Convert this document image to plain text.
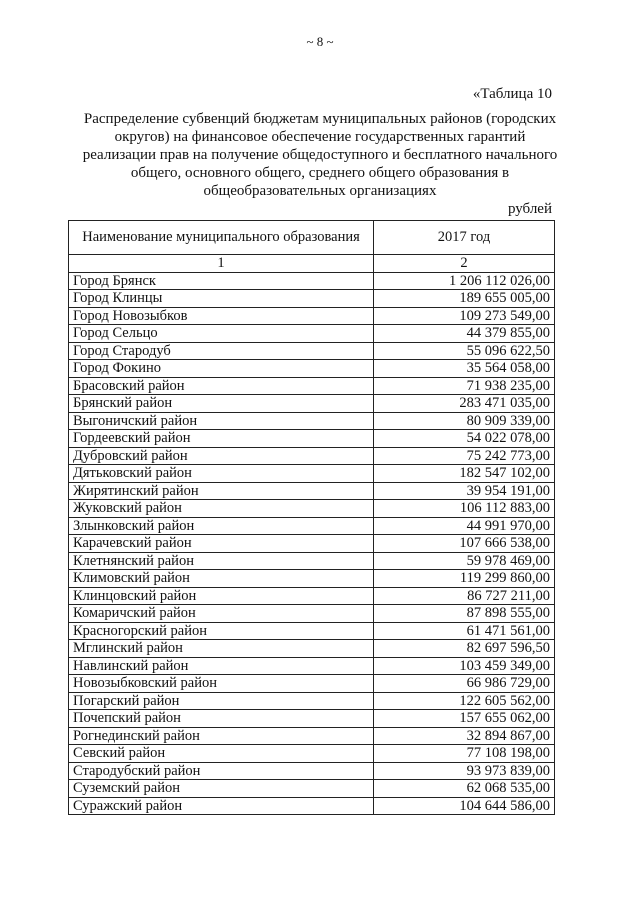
~ 8 ~
«Таблица 10
Распределение субвенций бюджетам муниципальных районов (городских
округов) на финансовое обеспечение государственных гарантий
реализации прав на получение общедоступного и бесплатного начального
общего, основного общего, среднего общего образования в
общеобразовательных организациях
рублей
Наименование муниципального образования	2017 год
1	2
Город Брянск	1 206 112 026,00
Город Клинцы	189 655 005,00
Город Новозыбков	109 273 549,00
Город Сельцо	44 379 855,00
Город Стародуб	55 096 622,50
Город Фокино	35 564 058,00
Брасовский район	71 938 235,00
Брянский район	283 471 035,00
Выгоничский район	80 909 339,00
Гордеевский район	54 022 078,00
Дубровский район	75 242 773,00
Дятьковский район	182 547 102,00
Жирятинский район	39 954 191,00
Жуковский район	106 112 883,00
Злынковский район	44 991 970,00
Карачевский район	107 666 538,00
Клетнянский район	59 978 469,00
Климовский район	119 299 860,00
Клинцовский район	86 727 211,00
Комаричский район	87 898 555,00
Красногорский район	61 471 561,00
Мглинский район	82 697 596,50
Навлинский район	103 459 349,00
Новозыбковский район	66 986 729,00
Погарский район	122 605 562,00
Почепский район	157 655 062,00
Рогнединский район	32 894 867,00
Севский район	77 108 198,00
Стародубский район	93 973 839,00
Суземский район	62 068 535,00
Суражский район	104 644 586,00
